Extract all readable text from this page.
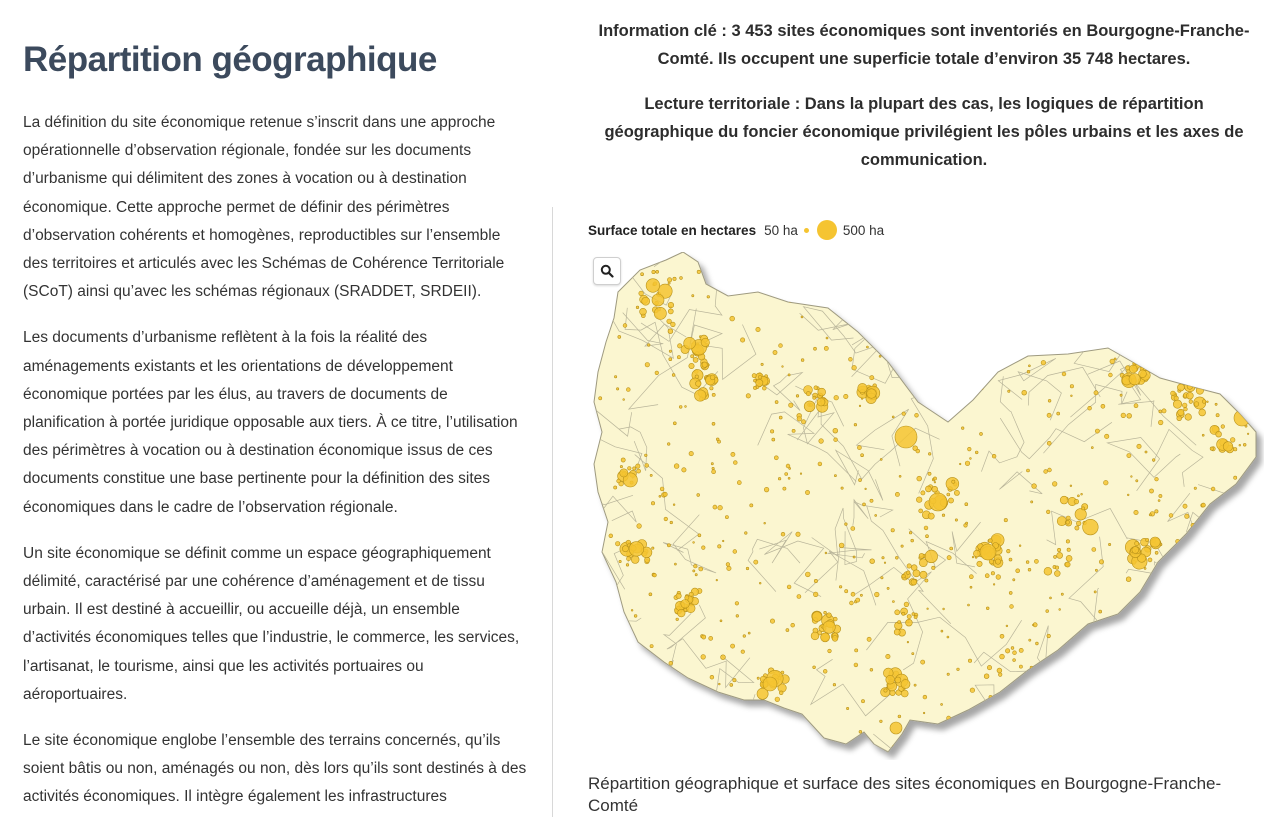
Répartition géographique

La définition du site économique retenue s’inscrit dans une approche opérationnelle d’observation régionale, fondée sur les documents d’urbanisme qui délimitent des zones à vocation ou à destination économique. Cette approche permet de définir des périmètres d’observation cohérents et homogènes, reproductibles sur l’ensemble des territoires et articulés avec les Schémas de Cohérence Territoriale (SCoT) ainsi qu’avec les schémas régionaux (SRADDET, SRDEII).

Les documents d’urbanisme reflètent à la fois la réalité des aménagements existants et les orientations de développement économique portées par les élus, au travers de documents de planification à portée juridique opposable aux tiers. À ce titre, l’utilisation des périmètres à vocation ou à destination économique issus de ces documents constitue une base pertinente pour la définition des sites économiques dans le cadre de l’observation régionale.

Un site économique se définit comme un espace géographiquement délimité, caractérisé par une cohérence d’aménagement et de tissu urbain. Il est destiné à accueillir, ou accueille déjà, un ensemble d’activités économiques telles que l’industrie, le commerce, les services, l’artisanat, le tourisme, ainsi que les activités portuaires ou aéroportuaires.

Le site économique englobe l’ensemble des terrains concernés, qu’ils soient bâtis ou non, aménagés ou non, dès lors qu’ils sont destinés à des activités économiques. Il intègre également les infrastructures

Information clé : 3 453 sites économiques sont inventoriés en Bourgogne-Franche-Comté. Ils occupent une superficie totale d’environ 35 748 hectares.
Lecture territoriale : Dans la plupart des cas, les logiques de répartition géographique du foncier économique privilégient les pôles urbains et les axes de communication.
Surface totale en hectares 50 ha	500 ha
Répartition géographique et surface des sites économiques en Bourgogne-Franche-Comté
